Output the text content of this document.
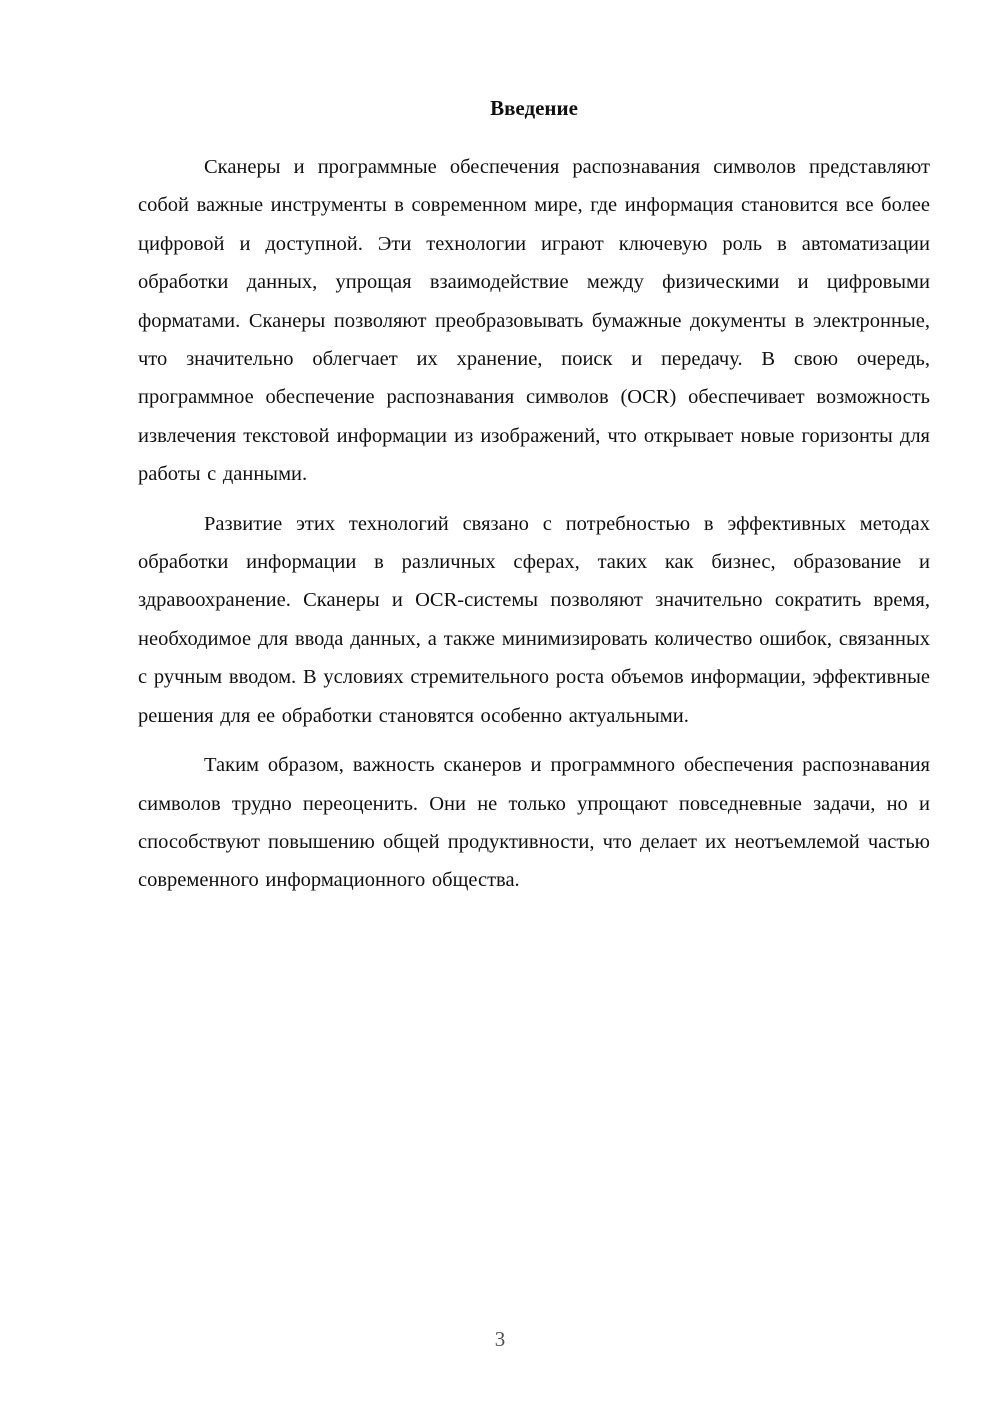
Введение

Сканеры и программные обеспечения распознавания символов представляют собой важные инструменты в современном мире, где информация становится все более цифровой и доступной. Эти технологии играют ключевую роль в автоматизации обработки данных, упрощая взаимодействие между физическими и цифровыми форматами. Сканеры позволяют преобразовывать бумажные документы в электронные, что значительно облегчает их хранение, поиск и передачу. В свою очередь, программное обеспечение распознавания символов (OCR) обеспечивает возможность извлечения текстовой информации из изображений, что открывает новые горизонты для работы с данными.

Развитие этих технологий связано с потребностью в эффективных методах обработки информации в различных сферах, таких как бизнес, образование и здравоохранение. Сканеры и OCR-системы позволяют значительно сократить время, необходимое для ввода данных, а также минимизировать количество ошибок, связанных с ручным вводом. В условиях стремительного роста объемов информации, эффективные решения для ее обработки становятся особенно актуальными.

Таким образом, важность сканеров и программного обеспечения распознавания символов трудно переоценить. Они не только упрощают повседневные задачи, но и способствуют повышению общей продуктивности, что делает их неотъемлемой частью современного информационного общества.

3
